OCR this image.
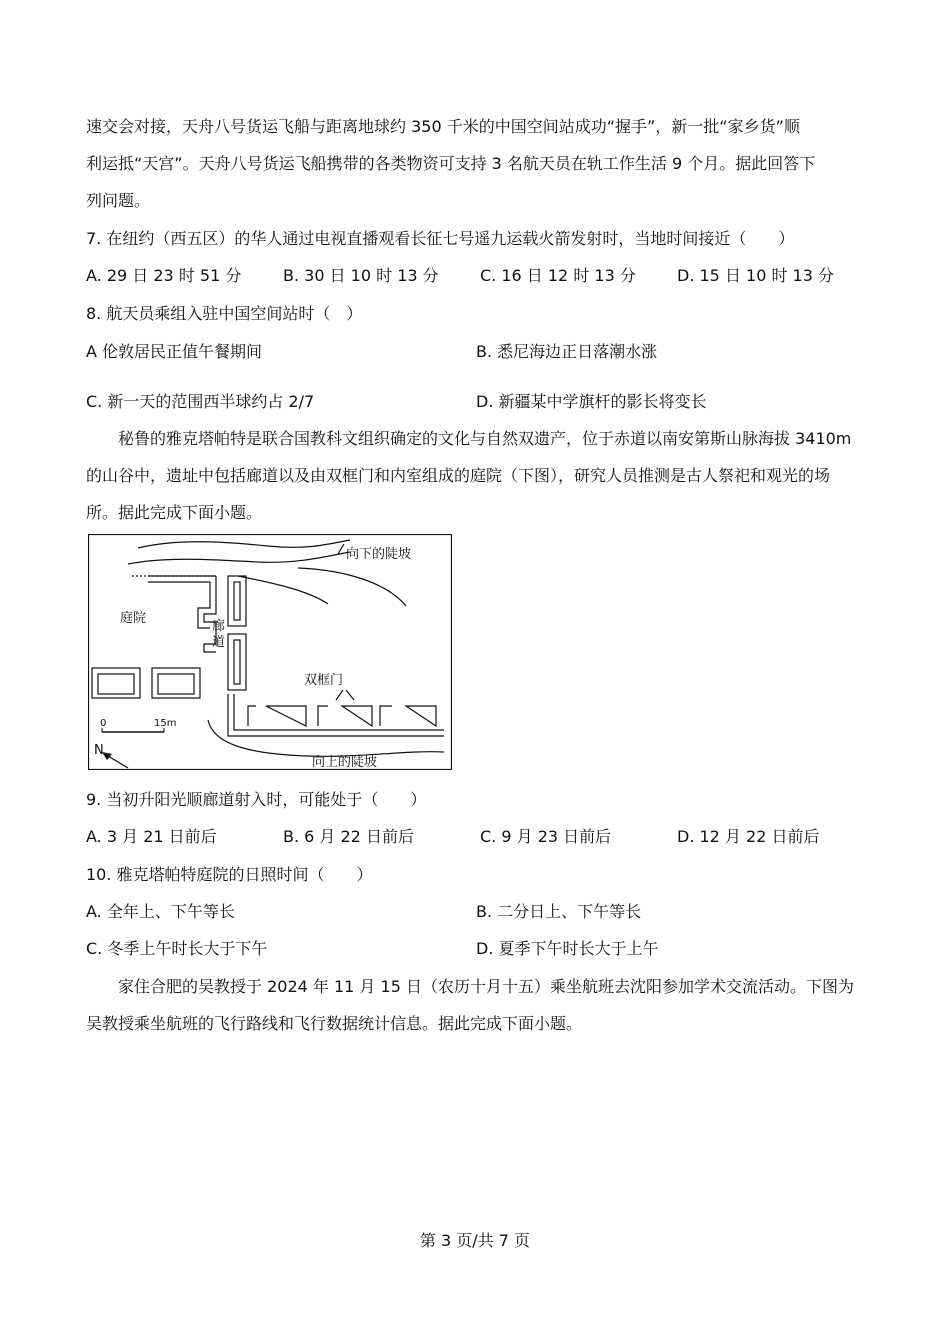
速交会对接，天舟八号货运飞船与距离地球约 350 千米的中国空间站成功“握手”，新一批“家乡货”顺
利运抵“天宫”。天舟八号货运飞船携带的各类物资可支持 3 名航天员在轨工作生活 9 个月。据此回答下
列问题。
7. 在纽约（西五区）的华人通过电视直播观看长征七号遥九运载火箭发射时，当地时间接近（　　）
A. 29 日 23 时 51 分	B. 30 日 10 时 13 分	C. 16 日 12 时 13 分	D. 15 日 10 时 13 分
8. 航天员乘组入驻中国空间站时（　）
A 伦敦居民正值午餐期间	B. 悉尼海边正日落潮水涨
C. 新一天的范围西半球约占 2/7	D. 新疆某中学旗杆的影长将变长
秘鲁的雅克塔帕特是联合国教科文组织确定的文化与自然双遗产，位于赤道以南安第斯山脉海拔 3410m
的山谷中，遗址中包括廊道以及由双框门和内室组成的庭院（下图），研究人员推测是古人祭祀和观光的场
所。据此完成下面小题。
向下的陡坡
庭院
廊
道
双框门
0	15m
N
向上的陡坡
9. 当初升阳光顺廊道射入时，可能处于（　　）
A. 3 月 21 日前后	B. 6 月 22 日前后	C. 9 月 23 日前后	D. 12 月 22 日前后
10. 雅克塔帕特庭院的日照时间（　　）
A. 全年上、下午等长	B. 二分日上、下午等长
C. 冬季上午时长大于下午	D. 夏季下午时长大于上午
家住合肥的吴教授于 2024 年 11 月 15 日（农历十月十五）乘坐航班去沈阳参加学术交流活动。下图为
吴教授乘坐航班的飞行路线和飞行数据统计信息。据此完成下面小题。
第 3 页/共 7 页
